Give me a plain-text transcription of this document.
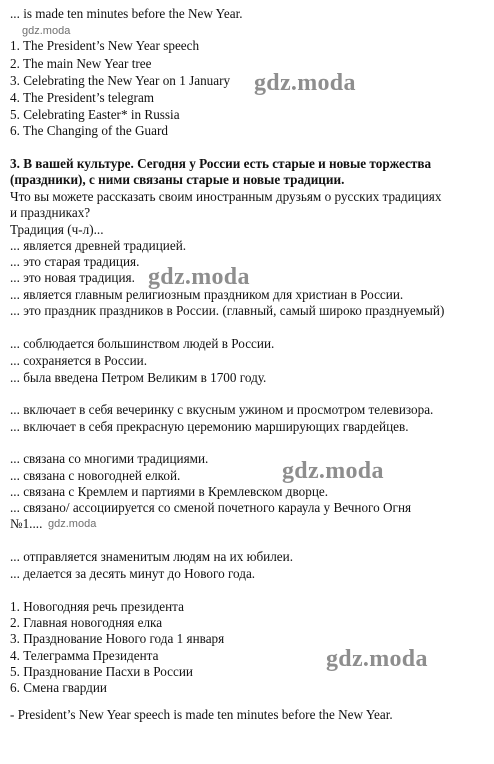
... is made ten minutes before the New Year.
gdz.moda
1. The President’s New Year speech
2. The main New Year tree
3. Celebrating the New Year on 1 January
4. The President’s telegram
5. Celebrating Easter* in Russia
6. The Changing of the Guard
gdz.moda
3. В вашей культуре. Сегодня у России есть старые и новые торжества
(праздники), с ними связаны старые и новые традиции.
Что вы можете рассказать своим иностранным друзьям о русских традициях
и праздниках?
Традиция (ч-л)...
... является древней традицией.
... это старая традиция.
... это новая традиция.
... является главным религиозным праздником для христиан в России.
... это праздник праздников в России. (главный, самый широко празднуемый)
gdz.moda
... соблюдается большинством людей в России.
... сохраняется в России.
... была введена Петром Великим в 1700 году.
... включает в себя вечеринку с вкусным ужином и просмотром телевизора.
... включает в себя прекрасную церемонию марширующих гвардейцев.
... связана со многими традициями.
... связана с новогодней елкой.
... связана с Кремлем и партиями в Кремлевском дворце.
... связано/ ассоциируется со сменой почетного караула у Вечного Огня
№1.... gdz.moda
gdz.moda
... отправляется знаменитым людям на их юбилеи.
... делается за десять минут до Нового года.
1. Новогодняя речь президента
2. Главная новогодняя елка
3. Празднование Нового года 1 января
4. Телеграмма Президента
5. Празднование Пасхи в России
6. Смена гвардии
gdz.moda
- President’s New Year speech is made ten minutes before the New Year.
